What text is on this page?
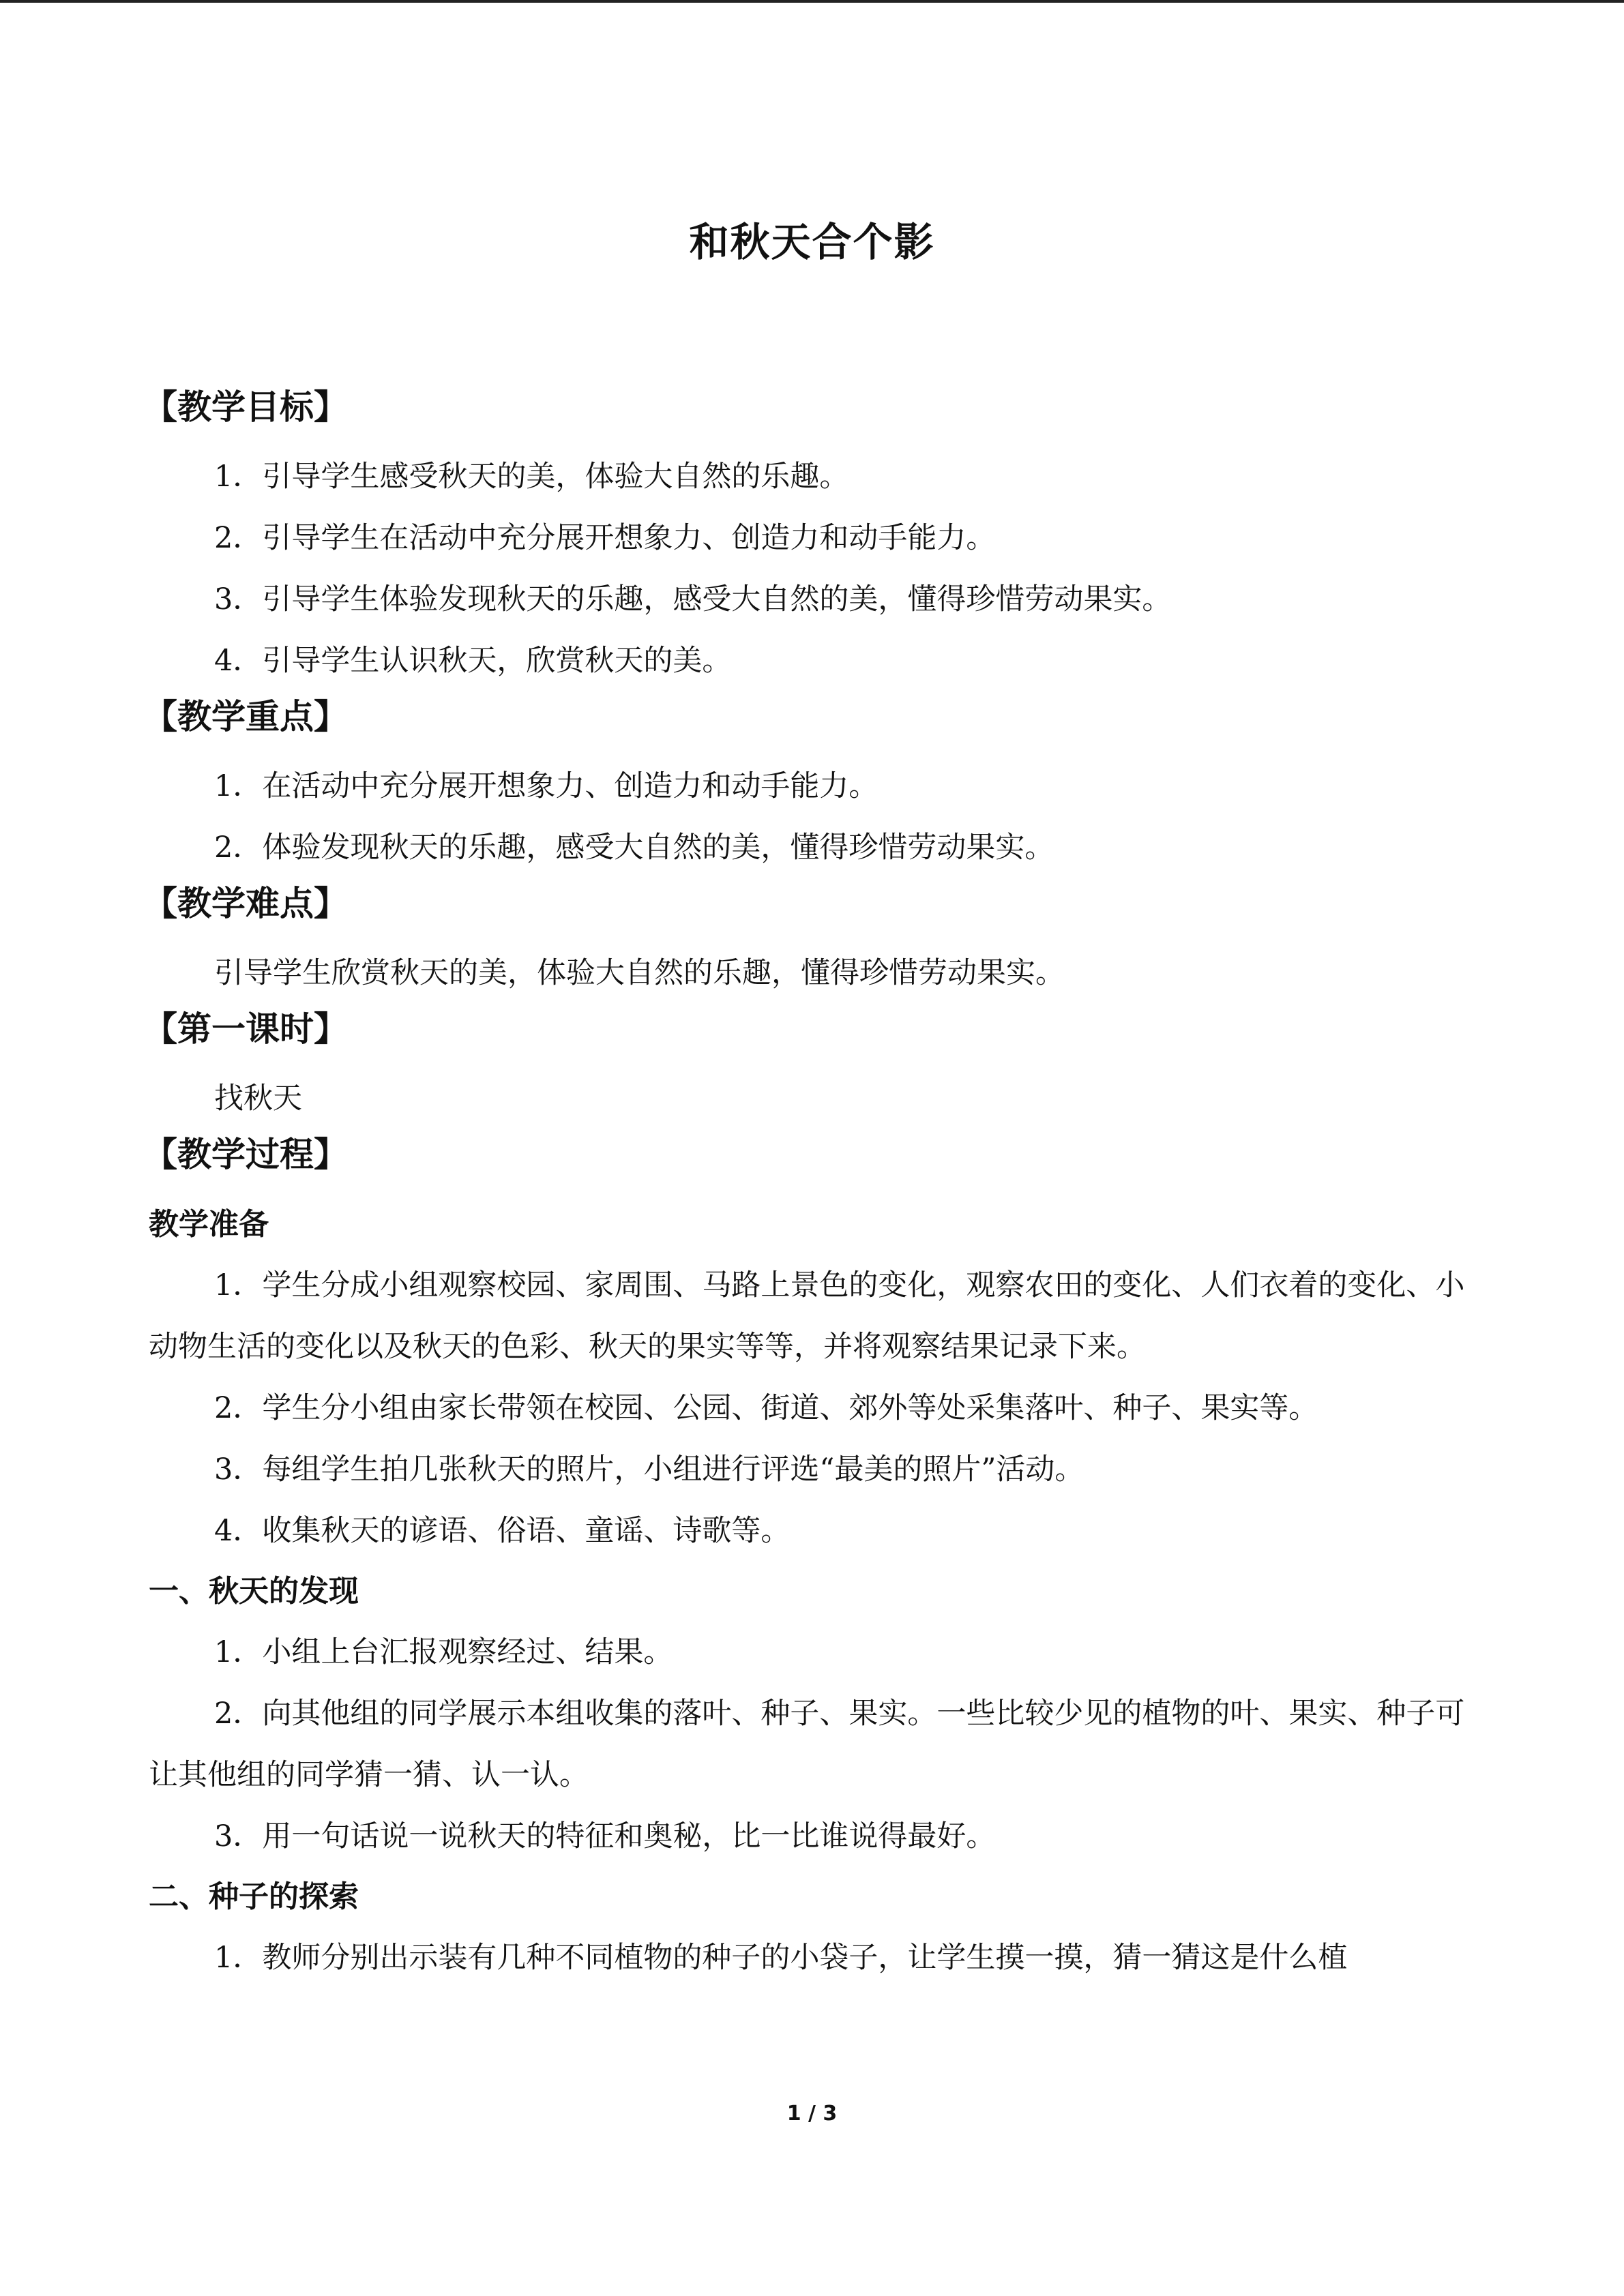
和秋天合个影
【教学目标】

1．引导学生感受秋天的美，体验大自然的乐趣。

2．引导学生在活动中充分展开想象力、创造力和动手能力。

3．引导学生体验发现秋天的乐趣，感受大自然的美，懂得珍惜劳动果实。

4．引导学生认识秋天，欣赏秋天的美。

【教学重点】

1．在活动中充分展开想象力、创造力和动手能力。

2．体验发现秋天的乐趣，感受大自然的美，懂得珍惜劳动果实。

【教学难点】

引导学生欣赏秋天的美，体验大自然的乐趣，懂得珍惜劳动果实。

【第一课时】

找秋天

【教学过程】

教学准备

1．学生分成小组观察校园、家周围、马路上景色的变化，观察农田的变化、人们衣着的变化、小动物生活的变化以及秋天的色彩、秋天的果实等等，并将观察结果记录下来。

2．学生分小组由家长带领在校园、公园、街道、郊外等处采集落叶、种子、果实等。

3．每组学生拍几张秋天的照片，小组进行评选“最美的照片”活动。

4．收集秋天的谚语、俗语、童谣、诗歌等。

一、秋天的发现

1．小组上台汇报观察经过、结果。

2．向其他组的同学展示本组收集的落叶、种子、果实。一些比较少见的植物的叶、果实、种子可让其他组的同学猜一猜、认一认。

3．用一句话说一说秋天的特征和奥秘，比一比谁说得最好。

二、种子的探索

1．教师分别出示装有几种不同植物的种子的小袋子，让学生摸一摸，猜一猜这是什么植

1 / 3
